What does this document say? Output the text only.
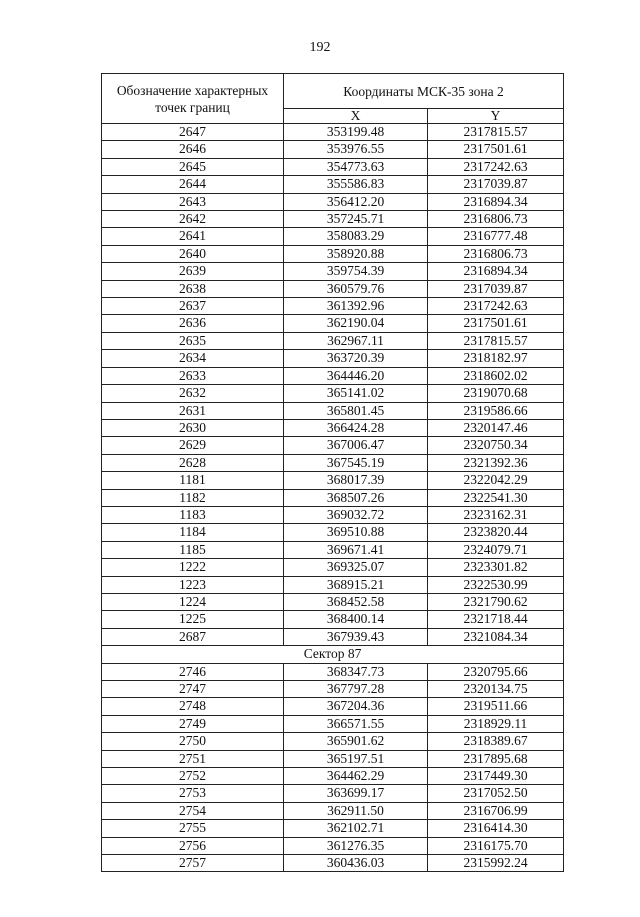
192
Обозначение характерных точек границ	Координаты МСК-35 зона 2	
	X	Y
2647	353199.48	2317815.57
2646	353976.55	2317501.61
2645	354773.63	2317242.63
2644	355586.83	2317039.87
2643	356412.20	2316894.34
2642	357245.71	2316806.73
2641	358083.29	2316777.48
2640	358920.88	2316806.73
2639	359754.39	2316894.34
2638	360579.76	2317039.87
2637	361392.96	2317242.63
2636	362190.04	2317501.61
2635	362967.11	2317815.57
2634	363720.39	2318182.97
2633	364446.20	2318602.02
2632	365141.02	2319070.68
2631	365801.45	2319586.66
2630	366424.28	2320147.46
2629	367006.47	2320750.34
2628	367545.19	2321392.36
1181	368017.39	2322042.29
1182	368507.26	2322541.30
1183	369032.72	2323162.31
1184	369510.88	2323820.44
1185	369671.41	2324079.71
1222	369325.07	2323301.82
1223	368915.21	2322530.99
1224	368452.58	2321790.62
1225	368400.14	2321718.44
2687	367939.43	2321084.34
Сектор 87		
2746	368347.73	2320795.66
2747	367797.28	2320134.75
2748	367204.36	2319511.66
2749	366571.55	2318929.11
2750	365901.62	2318389.67
2751	365197.51	2317895.68
2752	364462.29	2317449.30
2753	363699.17	2317052.50
2754	362911.50	2316706.99
2755	362102.71	2316414.30
2756	361276.35	2316175.70
2757	360436.03	2315992.24
